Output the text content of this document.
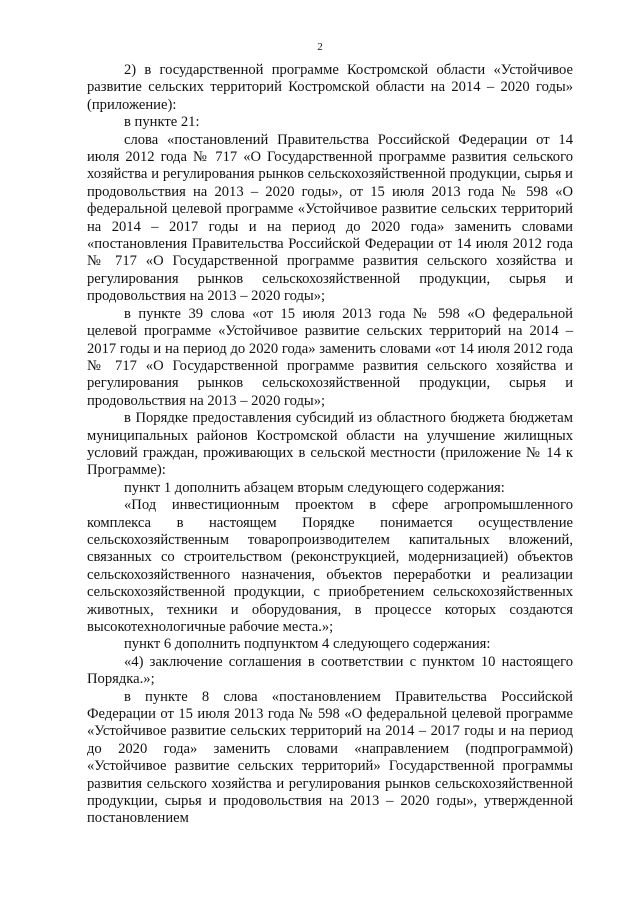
2

2) в государственной программе Костромской области «Устойчивое развитие сельских территорий Костромской области на 2014 – 2020 годы» (приложение):

в пункте 21:

слова «постановлений Правительства Российской Федерации от 14 июля 2012 года № 717 «О Государственной программе развития сельского хозяйства и регулирования рынков сельскохозяйственной продукции, сырья и продовольствия на 2013 – 2020 годы», от 15 июля 2013 года № 598 «О федеральной целевой программе «Устойчивое развитие сельских территорий на 2014 – 2017 годы и на период до 2020 года» заменить словами «постановления Правительства Российской Федерации от 14 июля 2012 года № 717 «О Государственной программе развития сельского хозяйства и регулирования рынков сельскохозяйственной продукции, сырья и продовольствия на 2013 – 2020 годы»;

в пункте 39 слова «от 15 июля 2013 года № 598 «О федеральной целевой программе «Устойчивое развитие сельских территорий на 2014 – 2017 годы и на период до 2020 года» заменить словами «от 14 июля 2012 года № 717 «О Государственной программе развития сельского хозяйства и регулирования рынков сельскохозяйственной продукции, сырья и продовольствия на 2013 – 2020 годы»;

в Порядке предоставления субсидий из областного бюджета бюджетам муниципальных районов Костромской области на улучшение жилищных условий граждан, проживающих в сельской местности (приложение № 14 к Программе):

пункт 1 дополнить абзацем вторым следующего содержания:

«Под инвестиционным проектом в сфере агропромышленного комплекса в настоящем Порядке понимается осуществление сельскохозяйственным товаропроизводителем капитальных вложений, связанных со строительством (реконструкцией, модернизацией) объектов сельскохозяйственного назначения, объектов переработки и реализации сельскохозяйственной продукции, с приобретением сельскохозяйственных животных, техники и оборудования, в процессе которых создаются высокотехнологичные рабочие места.»;

пункт 6 дополнить подпунктом 4 следующего содержания:

«4) заключение соглашения в соответствии с пунктом 10 настоящего Порядка.»;

в пункте 8 слова «постановлением Правительства Российской Федерации от 15 июля 2013 года № 598 «О федеральной целевой программе «Устойчивое развитие сельских территорий на 2014 – 2017 годы и на период до 2020 года» заменить словами «направлением (подпрограммой) «Устойчивое развитие сельских территорий» Государственной программы развития сельского хозяйства и регулирования рынков сельскохозяйственной продукции, сырья и продовольствия на 2013 – 2020 годы», утвержденной постановлением
